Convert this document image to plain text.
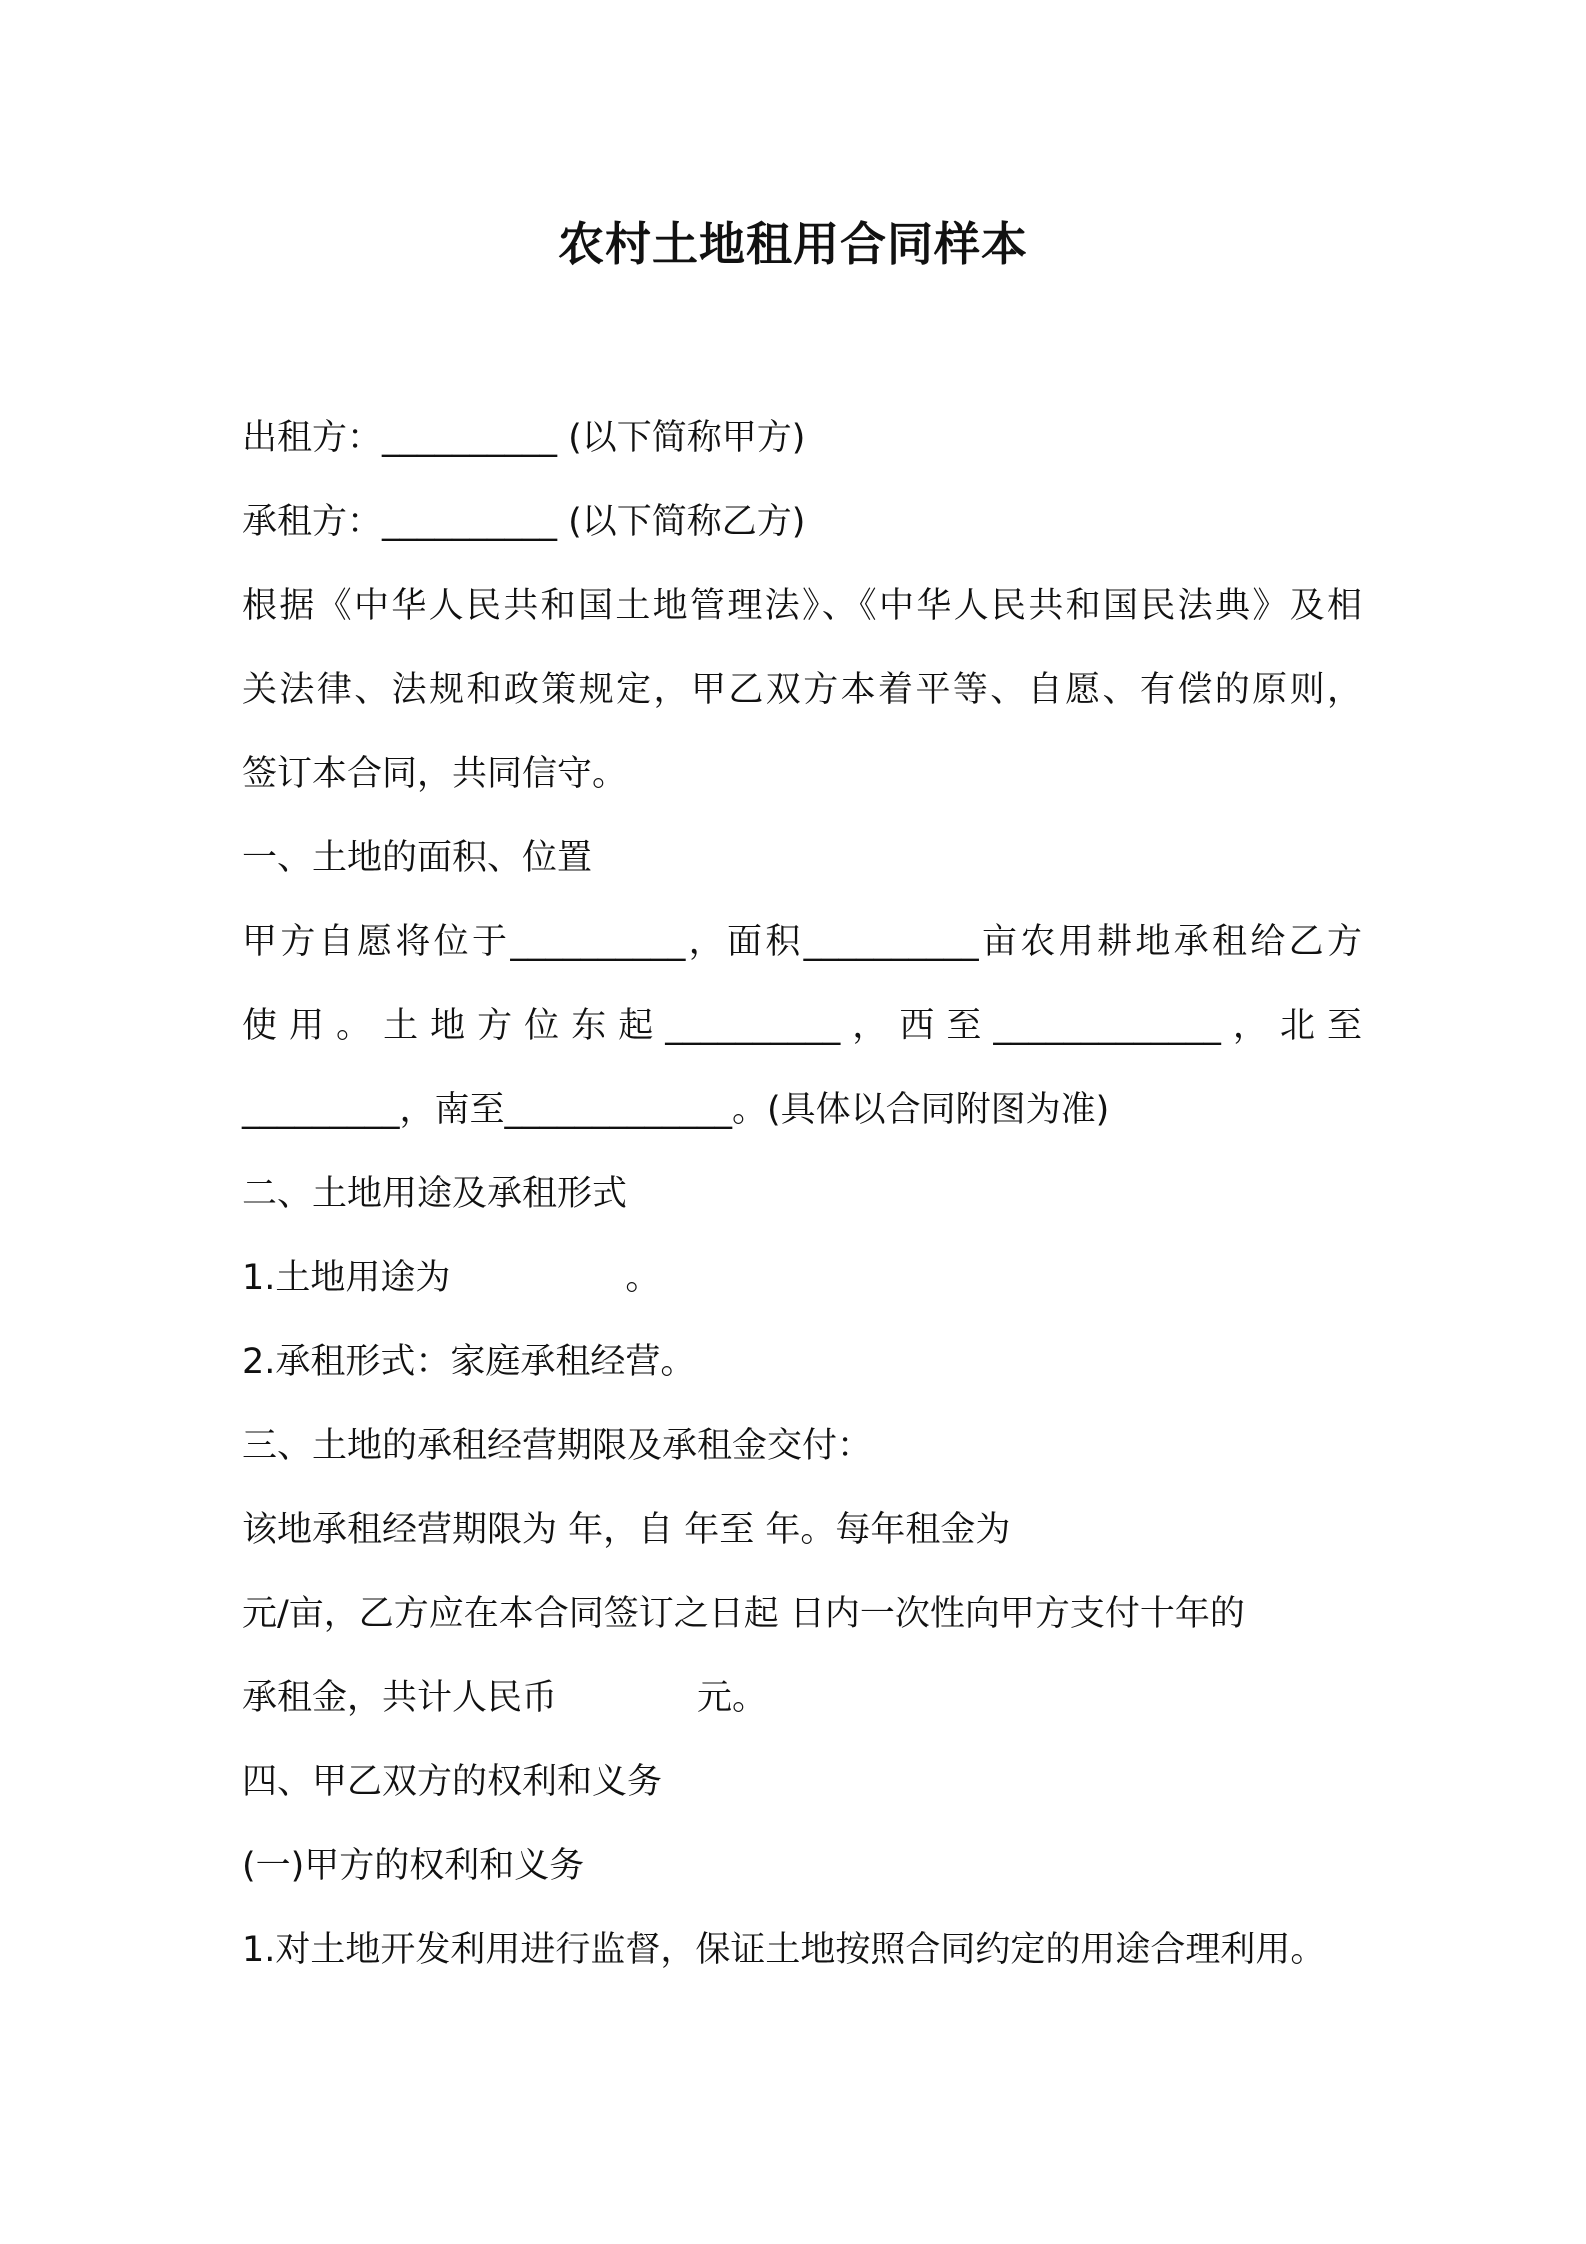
农村土地租用合同样本
出租方：__________ (以下简称甲方)
承租方：__________ (以下简称乙方)
根据《中华人民共和国土地管理法》、《中华人民共和国民法典》及相
关法律、法规和政策规定，甲乙双方本着平等、自愿、有偿的原则，
签订本合同，共同信守。
一、土地的面积、位置
甲方自愿将位于__________，面积__________亩农用耕地承租给乙方
使用。土地方位东起__________，西至_____________，北至
_________，南至_____________。(具体以合同附图为准)
二、土地用途及承租形式
1.土地用途为　　　　　。
2.承租形式：家庭承租经营。
三、土地的承租经营期限及承租金交付：
该地承租经营期限为 年，自 年至 年。每年租金为
元/亩，乙方应在本合同签订之日起 日内一次性向甲方支付十年的
承租金，共计人民币　　　　元。
四、甲乙双方的权利和义务
(一)甲方的权利和义务
1.对土地开发利用进行监督，保证土地按照合同约定的用途合理利用。
